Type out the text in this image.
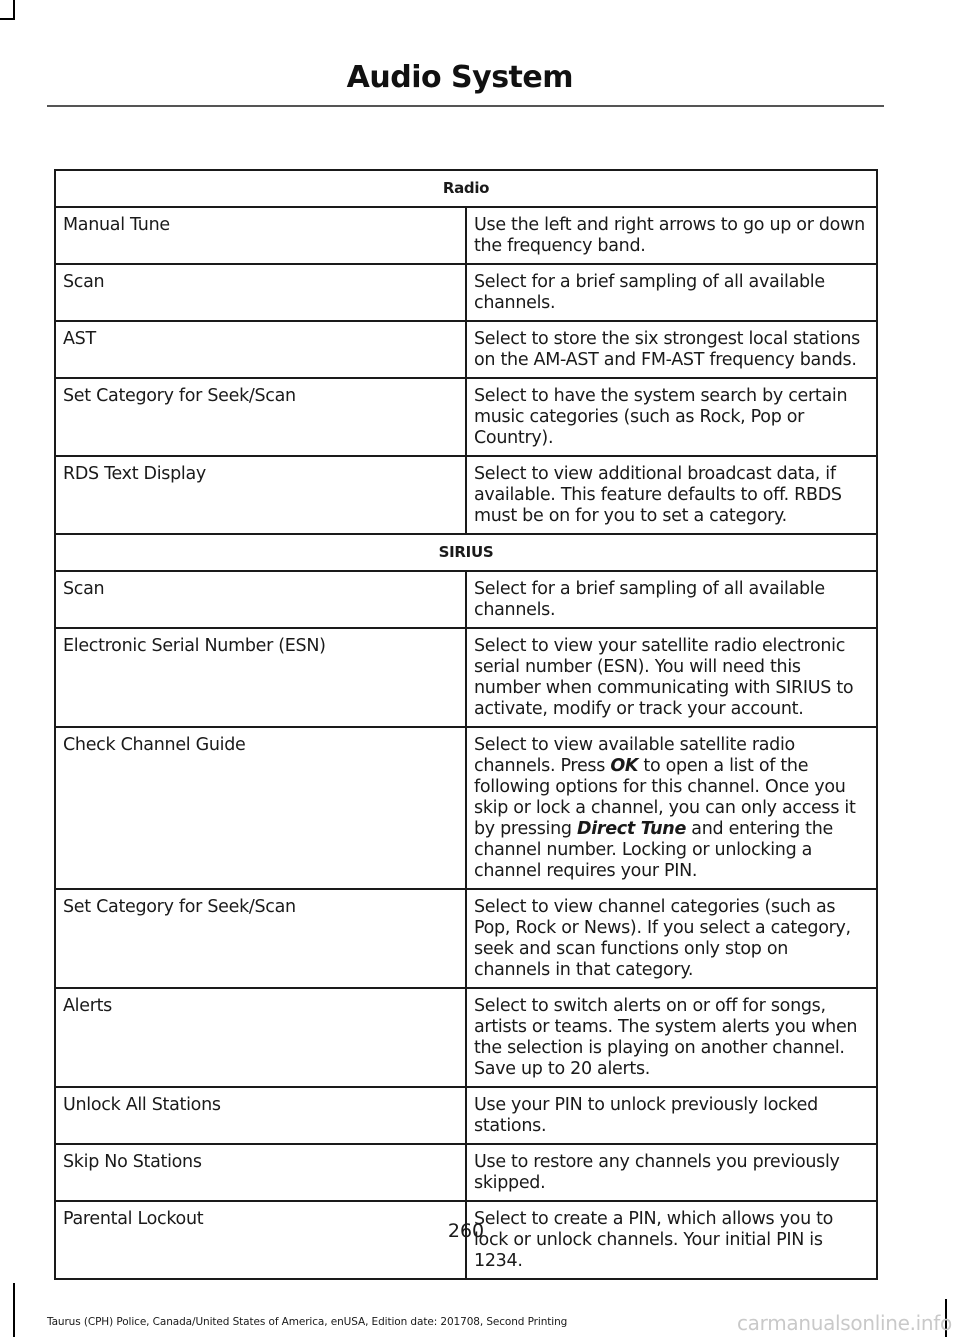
Audio System
Radio	
Manual Tune	Use the left and right arrows to go up or down the frequency band.
Scan	Select for a brief sampling of all available channels.
AST	Select to store the six strongest local stations on the AM-AST and FM-AST frequency bands.
Set Category for Seek/Scan	Select to have the system search by certain music categories (such as Rock, Pop or Country).
RDS Text Display	Select to view additional broadcast data, if available. This feature defaults to off. RBDS must be on for you to set a category.
SIRIUS	
Scan	Select for a brief sampling of all available channels.
Electronic Serial Number (ESN)	Select to view your satellite radio electronic serial number (ESN). You will need this number when communicating with SIRIUS to activate, modify or track your account.
Check Channel Guide	Select to view available satellite radio channels. Press OK to open a list of the following options for this channel. Once you skip or lock a channel, you can only access it by pressing Direct Tune and entering the channel number. Locking or unlocking a channel requires your PIN.
Set Category for Seek/Scan	Select to view channel categories (such as Pop, Rock or News). If you select a category, seek and scan functions only stop on channels in that category.
Alerts	Select to switch alerts on or off for songs, artists or teams. The system alerts you when the selection is playing on another channel. Save up to 20 alerts.
Unlock All Stations	Use your PIN to unlock previously locked stations.
Skip No Stations	Use to restore any channels you previously skipped.
Parental Lockout	Select to create a PIN, which allows you to lock or unlock channels. Your initial PIN is 1234.
260
Taurus (CPH) Police, Canada/United States of America, enUSA, Edition date: 201708, Second Printing	carmanualsonline.info
